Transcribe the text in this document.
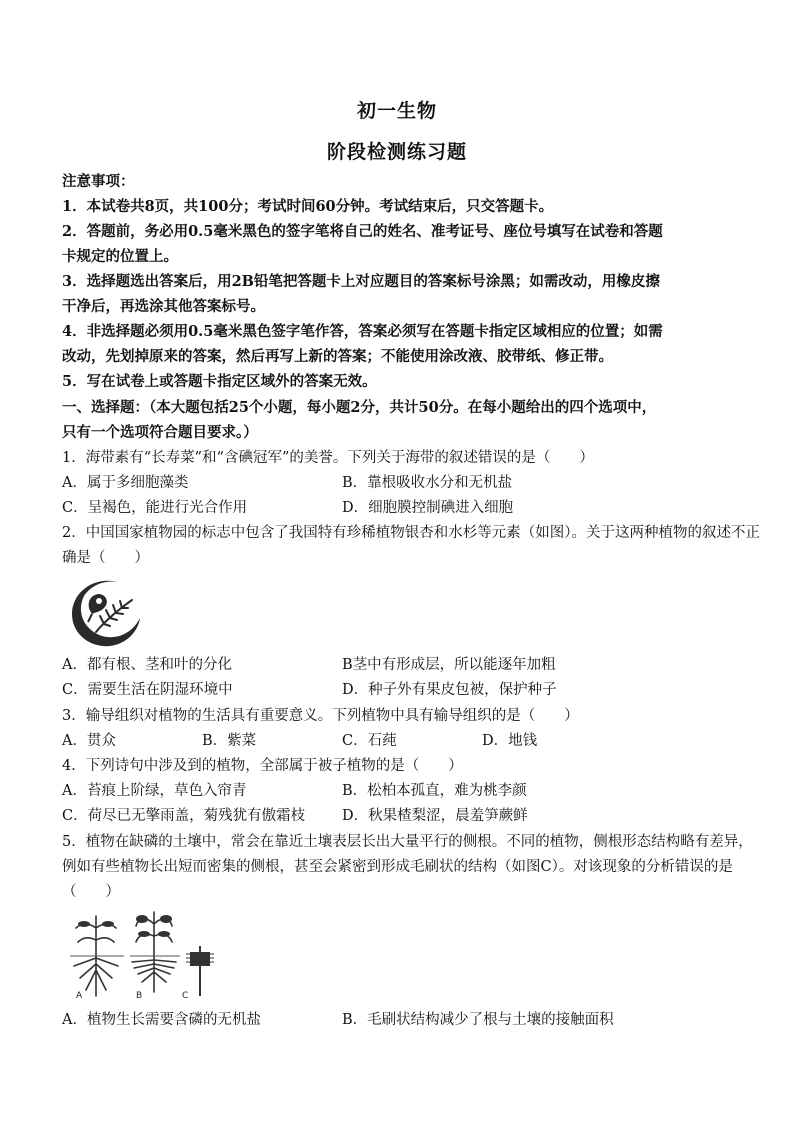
初一生物
阶段检测练习题
注意事项：
1．本试卷共8页，共100分；考试时间60分钟。考试结束后，只交答题卡。
2．答题前，务必用0.5毫米黑色的签字笔将自己的姓名、准考证号、座位号填写在试卷和答题
卡规定的位置上。
3．选择题选出答案后，用2B铅笔把答题卡上对应题目的答案标号涂黑；如需改动，用橡皮擦
干净后，再选涂其他答案标号。
4．非选择题必须用0.5毫米黑色签字笔作答，答案必须写在答题卡指定区域相应的位置；如需
改动，先划掉原来的答案，然后再写上新的答案；不能使用涂改液、胶带纸、修正带。
5．写在试卷上或答题卡指定区域外的答案无效。
一、选择题：（本大题包括25个小题，每小题2分，共计50分。在每小题给出的四个选项中，
只有一个选项符合题目要求。）
1．海带素有“长寿菜”和“含碘冠军”的美誉。下列关于海带的叙述错误的是（　　）
A．属于多细胞藻类	B．靠根吸收水分和无机盐
C．呈褐色，能进行光合作用	D．细胞膜控制碘进入细胞
2．中国国家植物园的标志中包含了我国特有珍稀植物银杏和水杉等元素（如图）。关于这两种植物的叙述不正
确是（　　）
A．都有根、茎和叶的分化	B茎中有形成层，所以能逐年加粗
C．需要生活在阴湿环境中	D．种子外有果皮包被，保护种子
3．输导组织对植物的生活具有重要意义。下列植物中具有输导组织的是（　　）
A．贯众	B．紫菜	C．石莼	D．地钱
4．下列诗句中涉及到的植物，全部属于被子植物的是（　　）
A．苔痕上阶绿，草色入帘青	B．松柏本孤直，难为桃李颜
C．荷尽已无擎雨盖，菊残犹有傲霜枝	D．秋果楂梨涩，晨羞笋蕨鲜
5．植物在缺磷的土壤中，常会在靠近土壤表层长出大量平行的侧根。不同的植物，侧根形态结构略有差异，
例如有些植物长出短而密集的侧根，甚至会紧密到形成毛刷状的结构（如图C）。对该现象的分析错误的是
（　　）
A	B	C
A．植物生长需要含磷的无机盐	B．毛刷状结构减少了根与土壤的接触面积
